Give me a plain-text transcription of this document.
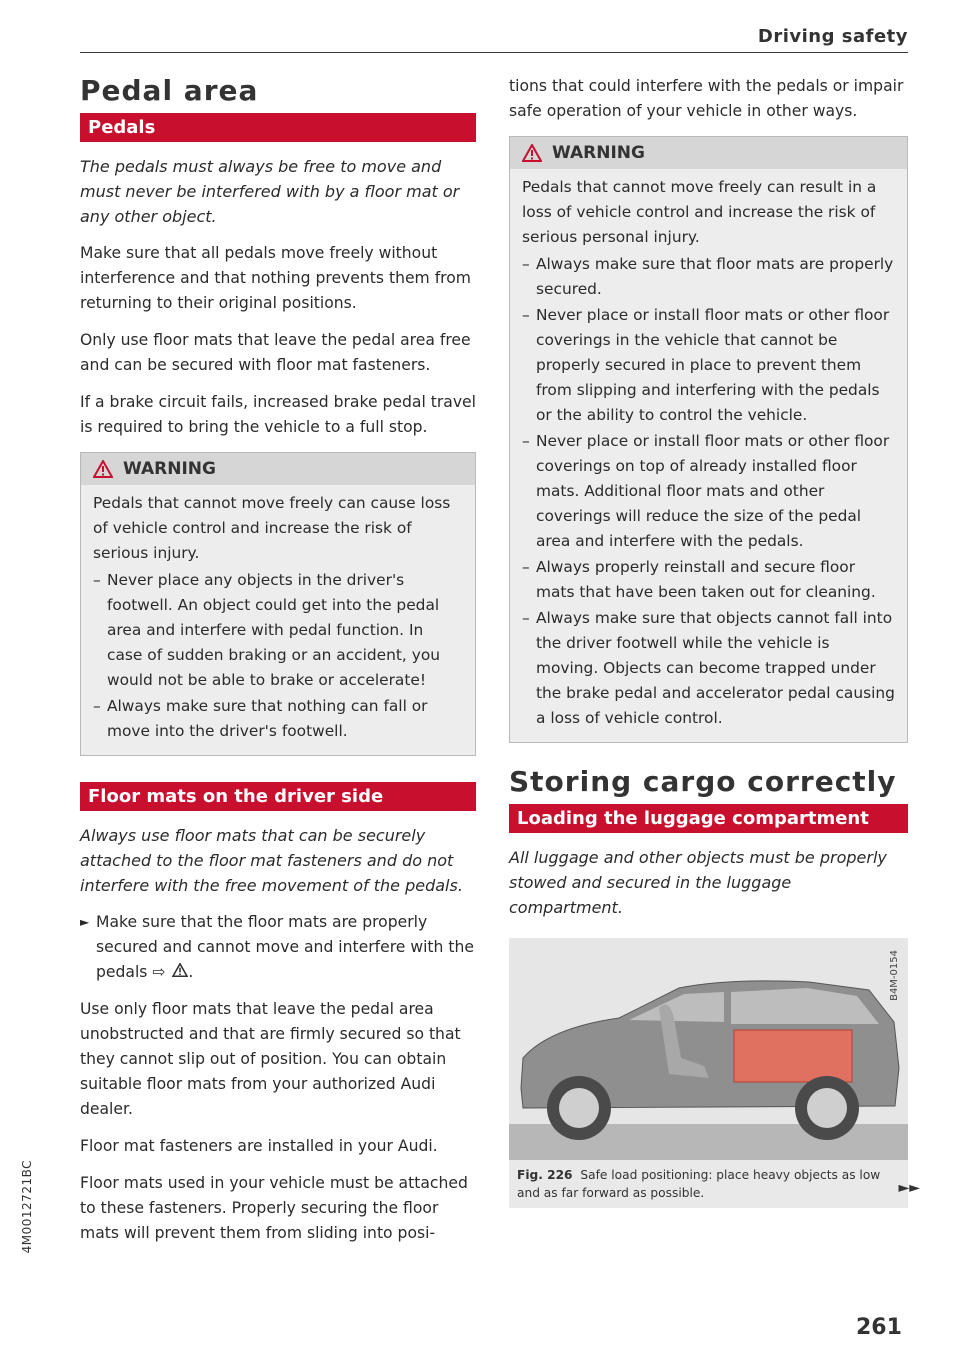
Driving safety
Pedal area
Pedals

The pedals must always be free to move and must never be interfered with by a floor mat or any other object.

Make sure that all pedals move freely without interference and that nothing prevents them from returning to their original positions.

Only use floor mats that leave the pedal area free and can be secured with floor mat fasteners.

If a brake circuit fails, increased brake pedal travel is required to bring the vehicle to a full stop.

WARNING
Pedals that cannot move freely can cause loss of vehicle control and increase the risk of serious injury.
– Never place any objects in the driver's footwell. An object could get into the pedal area and interfere with pedal function. In case of sudden braking or an accident, you would not be able to brake or accelerate!
– Always make sure that nothing can fall or move into the driver's footwell.
Floor mats on the driver side

Always use floor mats that can be securely attached to the floor mat fasteners and do not interfere with the free movement of the pedals.

► Make sure that the floor mats are properly secured and cannot move and interfere with the pedals ⇨ .

Use only floor mats that leave the pedal area unobstructed and that are firmly secured so that they cannot slip out of position. You can obtain suitable floor mats from your authorized Audi dealer.

Floor mat fasteners are installed in your Audi.

Floor mats used in your vehicle must be attached to these fasteners. Properly securing the floor mats will prevent them from sliding into posi-

tions that could interfere with the pedals or impair safe operation of your vehicle in other ways.

WARNING
Pedals that cannot move freely can result in a loss of vehicle control and increase the risk of serious personal injury.
– Always make sure that floor mats are properly secured.
– Never place or install floor mats or other floor coverings in the vehicle that cannot be properly secured in place to prevent them from slipping and interfering with the pedals or the ability to control the vehicle.
– Never place or install floor mats or other floor coverings on top of already installed floor mats. Additional floor mats and other coverings will reduce the size of the pedal area and interfere with the pedals.
– Always properly reinstall and secure floor mats that have been taken out for cleaning.
– Always make sure that objects cannot fall into the driver footwell while the vehicle is moving. Objects can become trapped under the brake pedal and accelerator pedal causing a loss of vehicle control.
Storing cargo correctly
Loading the luggage compartment

All luggage and other objects must be properly stowed and secured in the luggage compartment.

B4M-0154
Fig. 226 Safe load positioning: place heavy objects as low and as far forward as possible.	►►
4M0012721BC
261
